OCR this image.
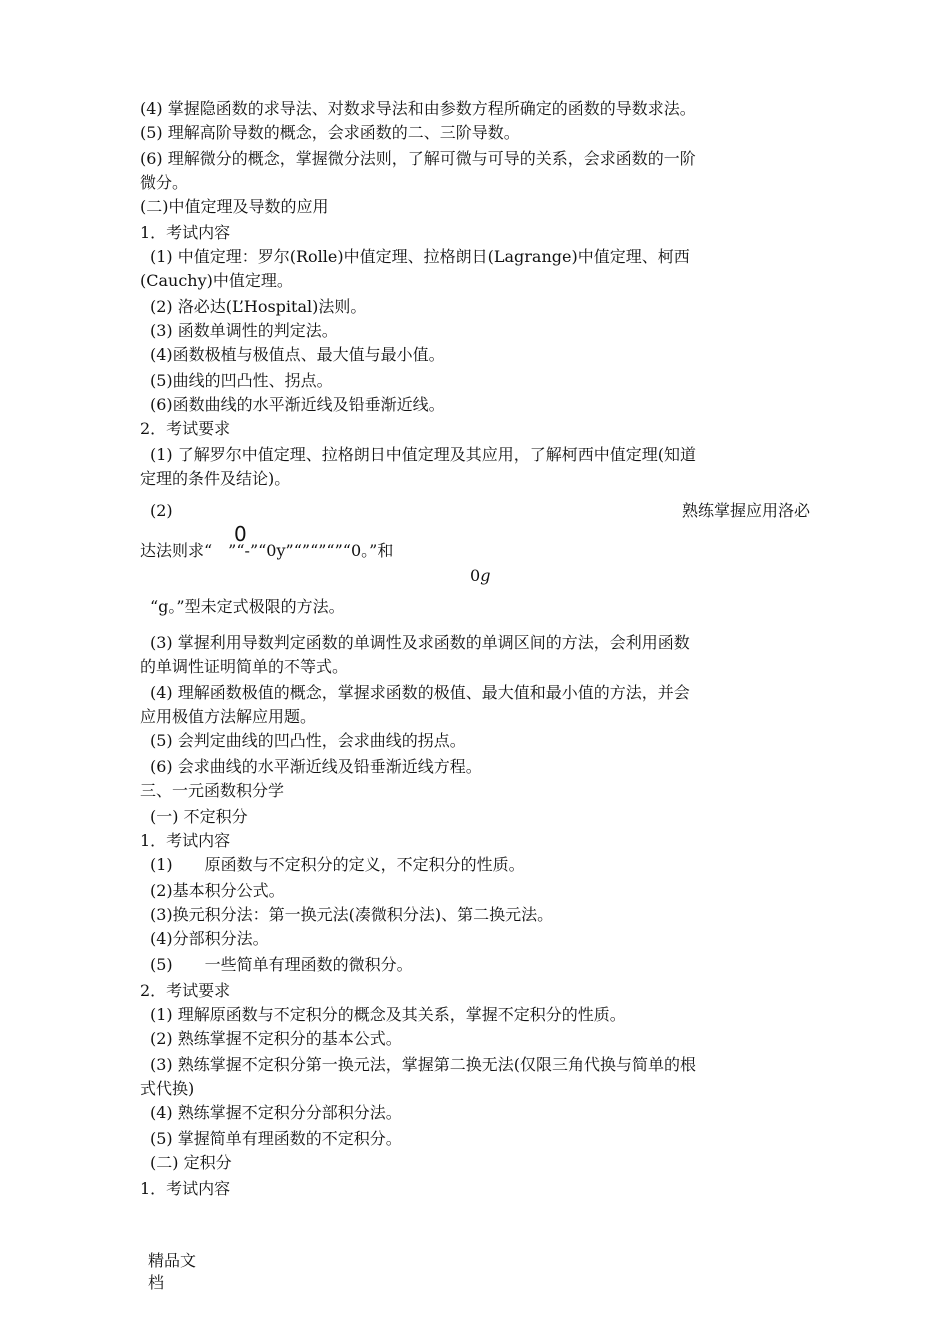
(4) 掌握隐函数的求导法、对数求导法和由参数方程所确定的函数的导数求法。
(5) 理解高阶导数的概念，会求函数的二、三阶导数。
(6) 理解微分的概念，掌握微分法则，了解可微与可导的关系，会求函数的一阶
微分。
(二)中值定理及导数的应用
1．考试内容
(1) 中值定理：罗尔(Rolle)中值定理、拉格朗日(Lagrange)中值定理、柯西
(Cauchy)中值定理。
(2) 洛必达(L’Hospital)法则。
(3) 函数单调性的判定法。
(4)函数极植与极值点、最大值与最小值。
(5)曲线的凹凸性、拐点。
(6)函数曲线的水平渐近线及铅垂渐近线。
2．考试要求
(1) 了解罗尔中值定理、拉格朗日中值定理及其应用，了解柯西中值定理(知道
定理的条件及结论)。
(2)	熟练掌握应用洛必
0
达法则求“　”“-”“0y”“”“”“”“0。”和
0g
“g。”型未定式极限的方法。
(3) 掌握利用导数判定函数的单调性及求函数的单调区间的方法，会利用函数
的单调性证明简单的不等式。
(4) 理解函数极值的概念，掌握求函数的极值、最大值和最小值的方法，并会
应用极值方法解应用题。
(5) 会判定曲线的凹凸性，会求曲线的拐点。
(6) 会求曲线的水平渐近线及铅垂渐近线方程。
三、一元函数积分学
(一) 不定积分
1．考试内容
(1)　　原函数与不定积分的定义，不定积分的性质。
(2)基本积分公式。
(3)换元积分法：第一换元法(凑微积分法)、第二换元法。
(4)分部积分法。
(5)　　一些简单有理函数的微积分。
2．考试要求
(1) 理解原函数与不定积分的概念及其关系，掌握不定积分的性质。
(2) 熟练掌握不定积分的基本公式。
(3) 熟练掌握不定积分第一换元法，掌握第二换无法(仅限三角代换与简单的根
式代换)
(4) 熟练掌握不定积分分部积分法。
(5) 掌握简单有理函数的不定积分。
(二) 定积分
1．考试内容
精品文档
